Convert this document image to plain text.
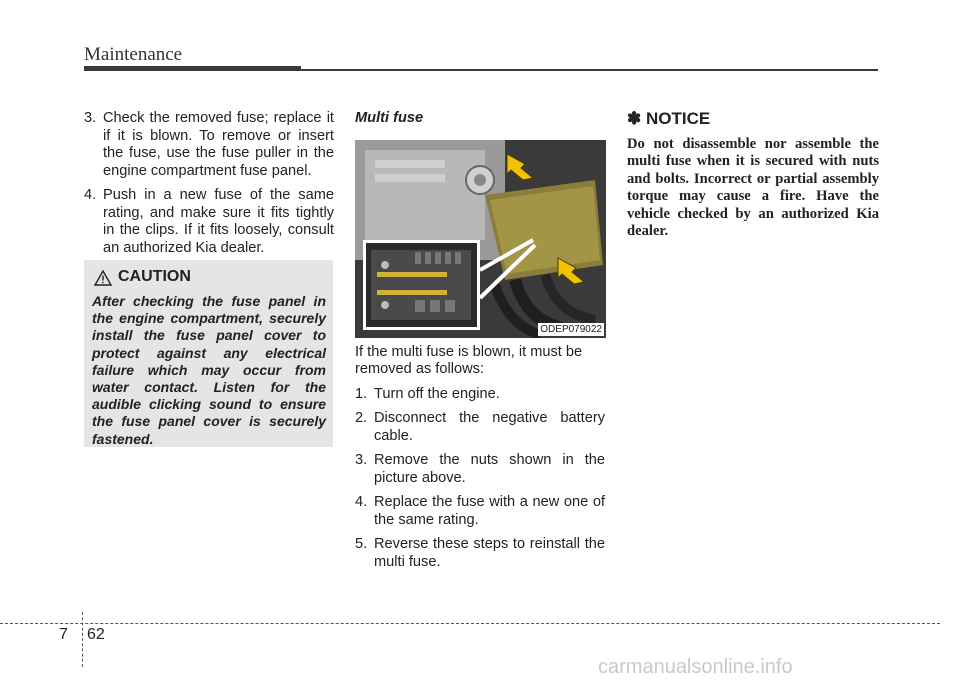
Maintenance
3. Check the removed fuse; replace it if it is blown. To remove or insert the fuse, use the fuse puller in the engine compartment fuse panel.
4. Push in a new fuse of the same rating, and make sure it fits tightly in the clips. If it fits loosely, consult an authorized Kia dealer.
CAUTION
After checking the fuse panel in the engine compartment, securely install the fuse panel cover to protect against any electrical failure which may occur from water contact. Listen for the audible clicking sound to ensure the fuse panel cover is securely fastened.
Multi fuse
ODEP079022
If the multi fuse is blown, it must be removed as follows:
1. Turn off the engine.
2. Disconnect the negative battery cable.
3. Remove the nuts shown in the picture above.
4. Replace the fuse with a new one of the same rating.
5. Reverse these steps to reinstall the multi fuse.
✽ NOTICE
Do not disassemble nor assemble the multi fuse when it is secured with nuts and bolts. Incorrect or partial assembly torque may cause a fire. Have the vehicle checked by an authorized Kia dealer.
7 62
carmanualsonline.info
